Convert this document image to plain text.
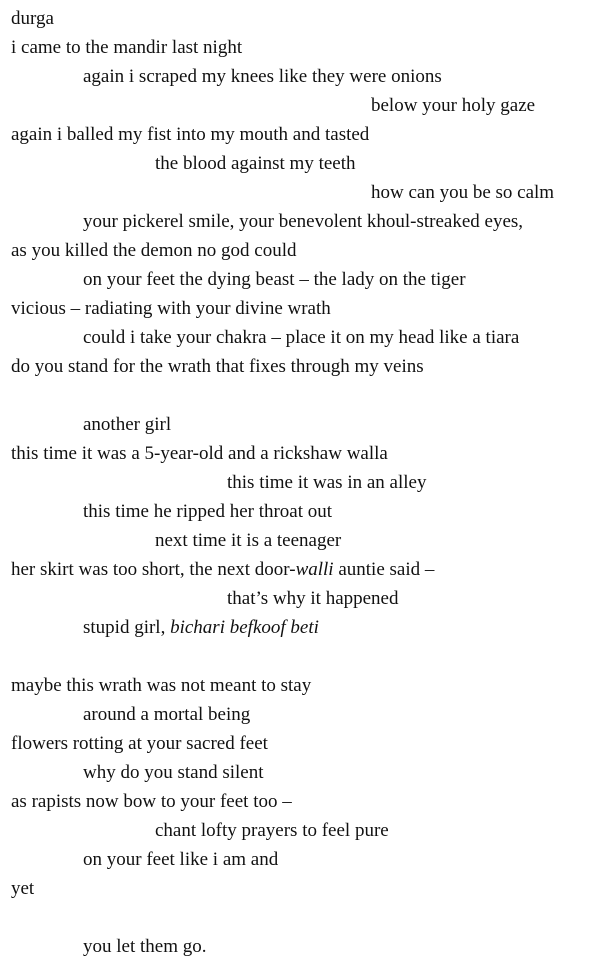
durga
i came to the mandir last night
again i scraped my knees like they were onions
below your holy gaze
again i balled my fist into my mouth and tasted
the blood against my teeth
how can you be so calm
your pickerel smile, your benevolent khoul-streaked eyes,
as you killed the demon no god could
on your feet the dying beast – the lady on the tiger
vicious – radiating with your divine wrath
could i take your chakra – place it on my head like a tiara
do you stand for the wrath that fixes through my veins
another girl
this time it was a 5-year-old and a rickshaw walla
this time it was in an alley
this time he ripped her throat out
next time it is a teenager
her skirt was too short, the next door-walli auntie said –
that’s why it happened
stupid girl, bichari befkoof beti
maybe this wrath was not meant to stay
around a mortal being
flowers rotting at your sacred feet
why do you stand silent
as rapists now bow to your feet too –
chant lofty prayers to feel pure
on your feet like i am and
yet
you let them go.
